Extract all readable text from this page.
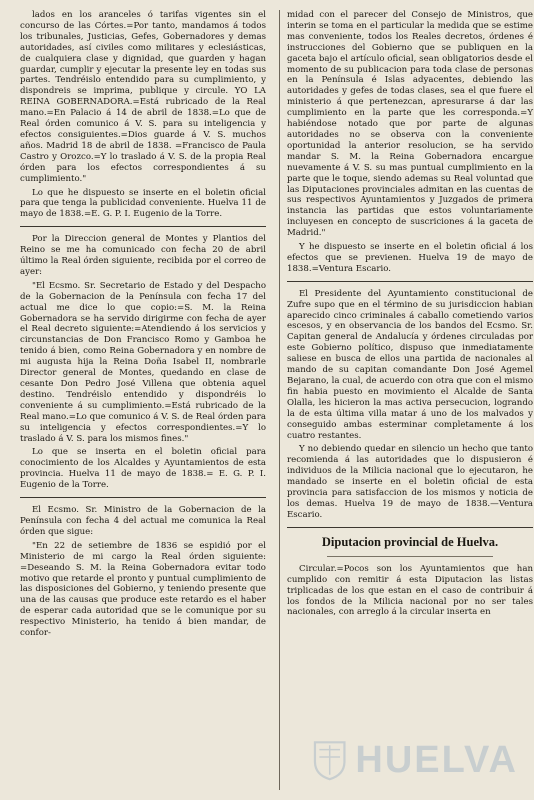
lados en los aranceles ó tarifas vigentes sin el concurso de las Córtes.=Por tanto, mandamos á todos los tribunales, Justicias, Gefes, Gobernadores y demas autoridades, así civiles como militares y eclesiásticas, de cualquiera clase y dignidad, que guarden y hagan guardar, cumplir y ejecutar la presente ley en todas sus partes. Tendréislo entendido para su cumplimiento, y dispondreis se imprima, publique y circule. YO LA REINA GOBERNADORA.=Está rubricado de la Real mano.=En Palacio á 14 de abril de 1838.=Lo que de Real órden comunico á V. S. para su inteligencia y efectos consiguientes.=Dios guarde á V. S. muchos años. Madrid 18 de abril de 1838. =Francisco de Paula Castro y Orozco.=Y lo traslado á V. S. de la propia Real órden para los efectos correspondientes á su cumplimiento."

Lo que he dispuesto se inserte en el boletin oficial para que tenga la publicidad conveniente. Huelva 11 de mayo de 1838.=E. G. P. I. Eugenio de la Torre.

Por la Direccion general de Montes y Plantios del Reino se me ha comunicado con fecha 20 de abril último la Real órden siguiente, recibida por el correo de ayer:

"El Ecsmo. Sr. Secretario de Estado y del Despacho de la Gobernacion de la Península con fecha 17 del actual me dice lo que copio:=S. M. la Reina Gobernadora se ha servido dirigirme con fecha de ayer el Real decreto siguiente:=Atendiendo á los servicios y circunstancias de Don Francisco Romo y Gamboa he tenido á bien, como Reina Gobernadora y en nombre de mi augusta hija la Reina Doña Isabel II, nombrarle Director general de Montes, quedando en clase de cesante Don Pedro José Villena que obtenia aquel destino. Tendréislo entendido y dispondréis lo conveniente á su cumplimiento.=Está rubricado de la Real mano.=Lo que comunico á V. S. de Real órden para su inteligencia y efectos correspondientes.=Y lo traslado á V. S. para los mismos fines."

Lo que se inserta en el boletin oficial para conocimiento de los Alcaldes y Ayuntamientos de esta provincia. Huelva 11 de mayo de 1838.= E. G. P. I. Eugenio de la Torre.

El Ecsmo. Sr. Ministro de la Gobernacion de la Península con fecha 4 del actual me comunica la Real órden que sigue:

"En 22 de setiembre de 1836 se espidió por el Ministerio de mi cargo la Real órden siguiente: =Deseando S. M. la Reina Gobernadora evitar todo motivo que retarde el pronto y puntual cumplimiento de las disposiciones del Gobierno, y teniendo presente que una de las causas que produce este retardo es el haber de esperar cada autoridad que se le comunique por su respectivo Ministerio, ha tenido á bien mandar, de confor-

midad con el parecer del Consejo de Ministros, que interin se toma en el particular la medida que se estime mas conveniente, todos los Reales decretos, órdenes é instrucciones del Gobierno que se publiquen en la gaceta bajo el artículo oficial, sean obligatorios desde el momento de su publicacion para toda clase de personas en la Península é Islas adyacentes, debiendo las autoridades y gefes de todas clases, sea el que fuere el ministerio á que pertenezcan, apresurarse á dar las cumplimiento en la parte que les corresponda.=Y habiéndose notado que por parte de algunas autoridades no se observa con la conveniente oportunidad la anterior resolucion, se ha servido mandar S. M. la Reina Gobernadora encargue nuevamente á V. S. su mas puntual cumplimiento en la parte que le toque, siendo ademas su Real voluntad que las Diputaciones provinciales admitan en las cuentas de sus respectivos Ayuntamientos y Juzgados de primera instancia las partidas que estos voluntariamente incluyesen en concepto de suscriciones á la gaceta de Madrid."

Y he dispuesto se inserte en el boletin oficial á los efectos que se previenen. Huelva 19 de mayo de 1838.=Ventura Escario.

El Presidente del Ayuntamiento constitucional de Zufre supo que en el término de su jurisdiccion habian aparecido cinco criminales á caballo cometiendo varios escesos, y en observancia de los bandos del Ecsmo. Sr. Capitan general de Andalucía y órdenes circuladas por este Gobierno político, dispuso que inmediatamente saliese en busca de ellos una partida de nacionales al mando de su capitan comandante Don José Agemel Bejarano, la cual, de acuerdo con otra que con el mismo fin habia puesto en movimiento el Alcalde de Santa Olalla, les hicieron la mas activa persecucion, logrando la de esta última villa matar á uno de los malvados y conseguido ambas esterminar completamente á los cuatro restantes.

Y no debiendo quedar en silencio un hecho que tanto recomienda á las autoridades que lo dispusieron é individuos de la Milicia nacional que lo ejecutaron, he mandado se inserte en el boletin oficial de esta provincia para satisfaccion de los mismos y noticia de los demas. Huelva 19 de mayo de 1838.—Ventura Escario.

Diputacion provincial de Huelva.

Circular.=Pocos son los Ayuntamientos que han cumplido con remitir á esta Diputacion las listas triplicadas de los que estan en el caso de contribuir á los fondos de la Milicia nacional por no ser tales nacionales, con arreglo á la circular inserta en

HUELVA
